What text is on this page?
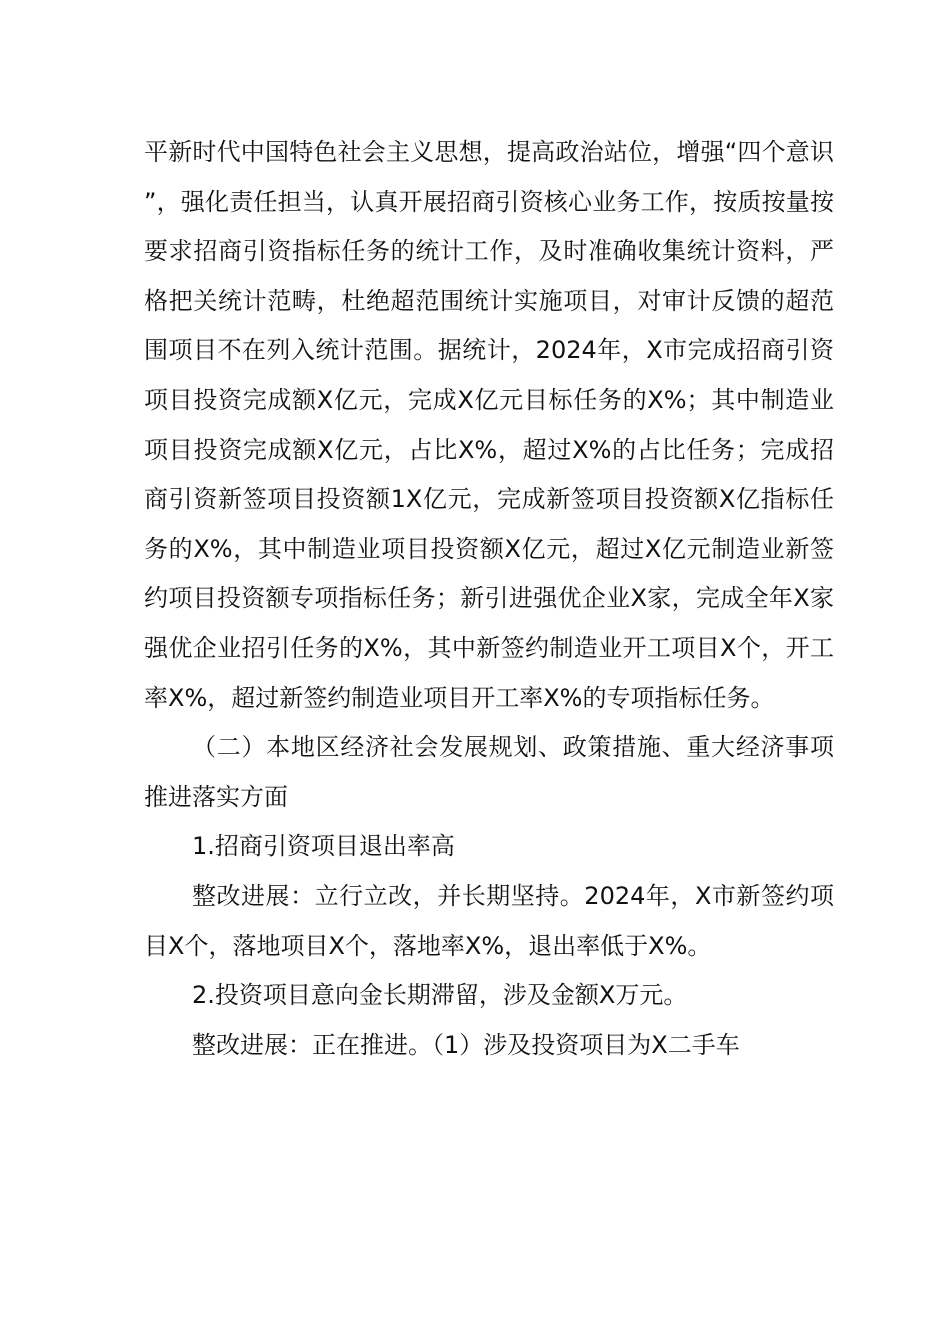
平新时代中国特色社会主义思想，提高政治站位，增强“四个意识”，强化责任担当，认真开展招商引资核心业务工作，按质按量按要求招商引资指标任务的统计工作，及时准确收集统计资料，严格把关统计范畴，杜绝超范围统计实施项目，对审计反馈的超范围项目不在列入统计范围。据统计，2024年，X市完成招商引资项目投资完成额X亿元，完成X亿元目标任务的X%；其中制造业项目投资完成额X亿元，占比X%，超过X%的占比任务；完成招商引资新签项目投资额1X亿元，完成新签项目投资额X亿指标任务的X%，其中制造业项目投资额X亿元，超过X亿元制造业新签约项目投资额专项指标任务；新引进强优企业X家，完成全年X家强优企业招引任务的X%，其中新签约制造业开工项目X个，开工率X%，超过新签约制造业项目开工率X%的专项指标任务。

（二）本地区经济社会发展规划、政策措施、重大经济事项推进落实方面

1.招商引资项目退出率高

整改进展：立行立改，并长期坚持。2024年，X市新签约项目X个，落地项目X个，落地率X%，退出率低于X%。

2.投资项目意向金长期滞留，涉及金额X万元。

整改进展：正在推进。（1）涉及投资项目为X二手车
